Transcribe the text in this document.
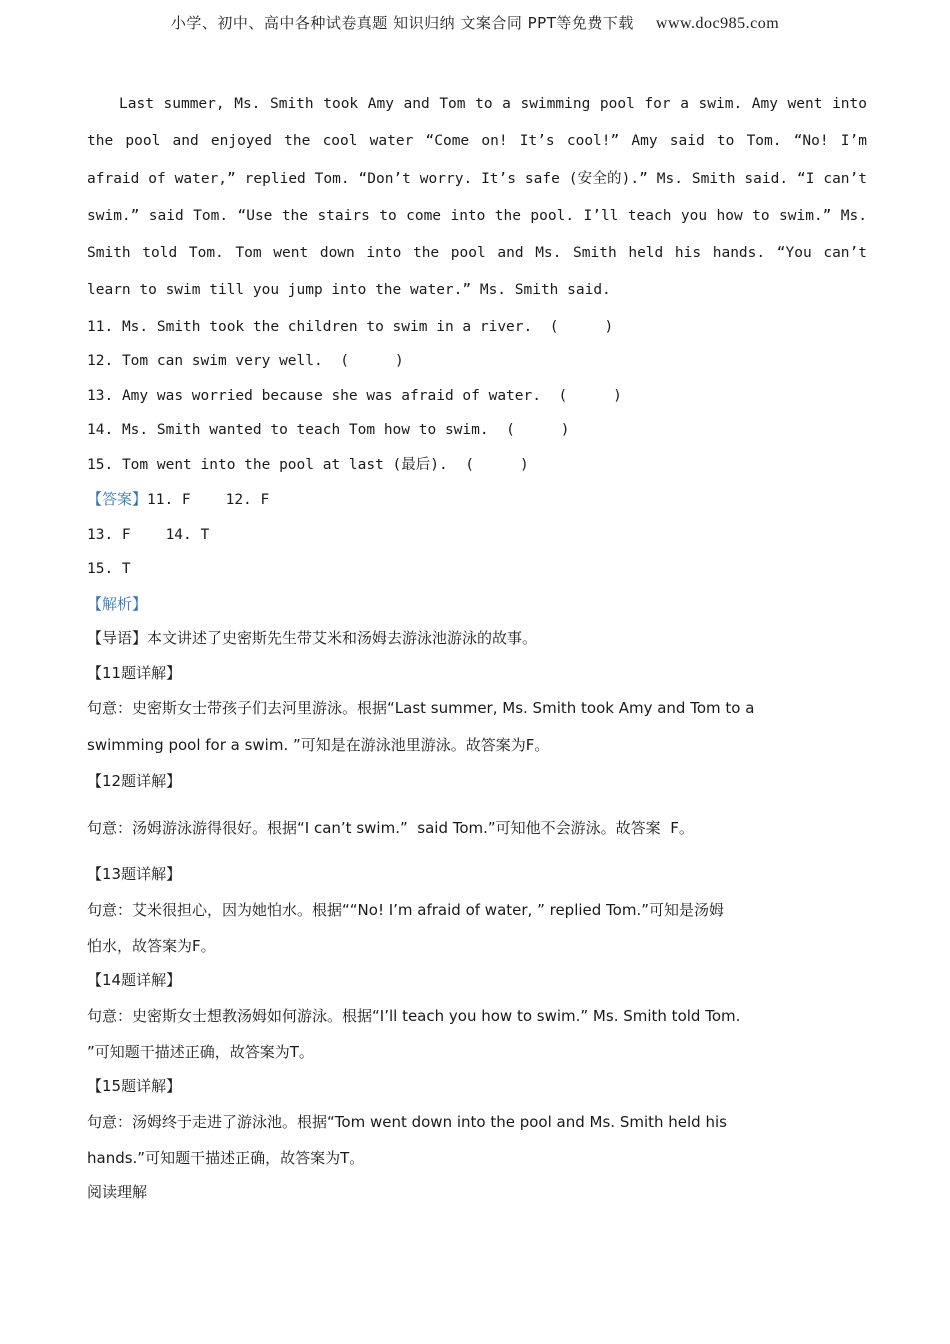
小学、初中、高中各种试卷真题 知识归纳 文案合同 PPT等免费下载 www.doc985.com

Last summer, Ms. Smith took Amy and Tom to a swimming pool for a swim. Amy went into the pool and enjoyed the cool water “Come on! It’s cool!” Amy said to Tom. “No! I’m afraid of water,” replied Tom. “Don’t worry. It’s safe (安全的).” Ms. Smith said. “I can’t swim.” said Tom. “Use the stairs to come into the pool. I’ll teach you how to swim.” Ms. Smith told Tom. Tom went down into the pool and Ms. Smith held his hands. “You can’t learn to swim till you jump into the water.” Ms. Smith said.

11. Ms. Smith took the children to swim in a river. (	)

12. Tom can swim very well. (	)

13. Amy was worried because she was afraid of water. (	)

14. Ms. Smith wanted to teach Tom how to swim. (	)

15. Tom went into the pool at last (最后). (	)

【答案】11. F    12. F

13. F    14. T

15. T

【解析】

【导语】本文讲述了史密斯先生带艾米和汤姆去游泳池游泳的故事。

【11题详解】

句意：史密斯女士带孩子们去河里游泳。根据“Last summer, Ms. Smith took Amy and Tom to a

swimming pool for a swim. ”可知是在游泳池里游泳。故答案为F。

【12题详解】

句意：汤姆游泳游得很好。根据“I can’t swim.”  said Tom.”可知他不会游泳。故答案  F。

【13题详解】

句意：艾米很担心，因为她怕水。根据““No! I’m afraid of water, ” replied Tom.”可知是汤姆

怕水，故答案为F。

【14题详解】

句意：史密斯女士想教汤姆如何游泳。根据“I’ll teach you how to swim.” Ms. Smith told Tom.

”可知题干描述正确，故答案为T。

【15题详解】

句意：汤姆终于走进了游泳池。根据“Tom went down into the pool and Ms. Smith held his

hands.”可知题干描述正确，故答案为T。

阅读理解
